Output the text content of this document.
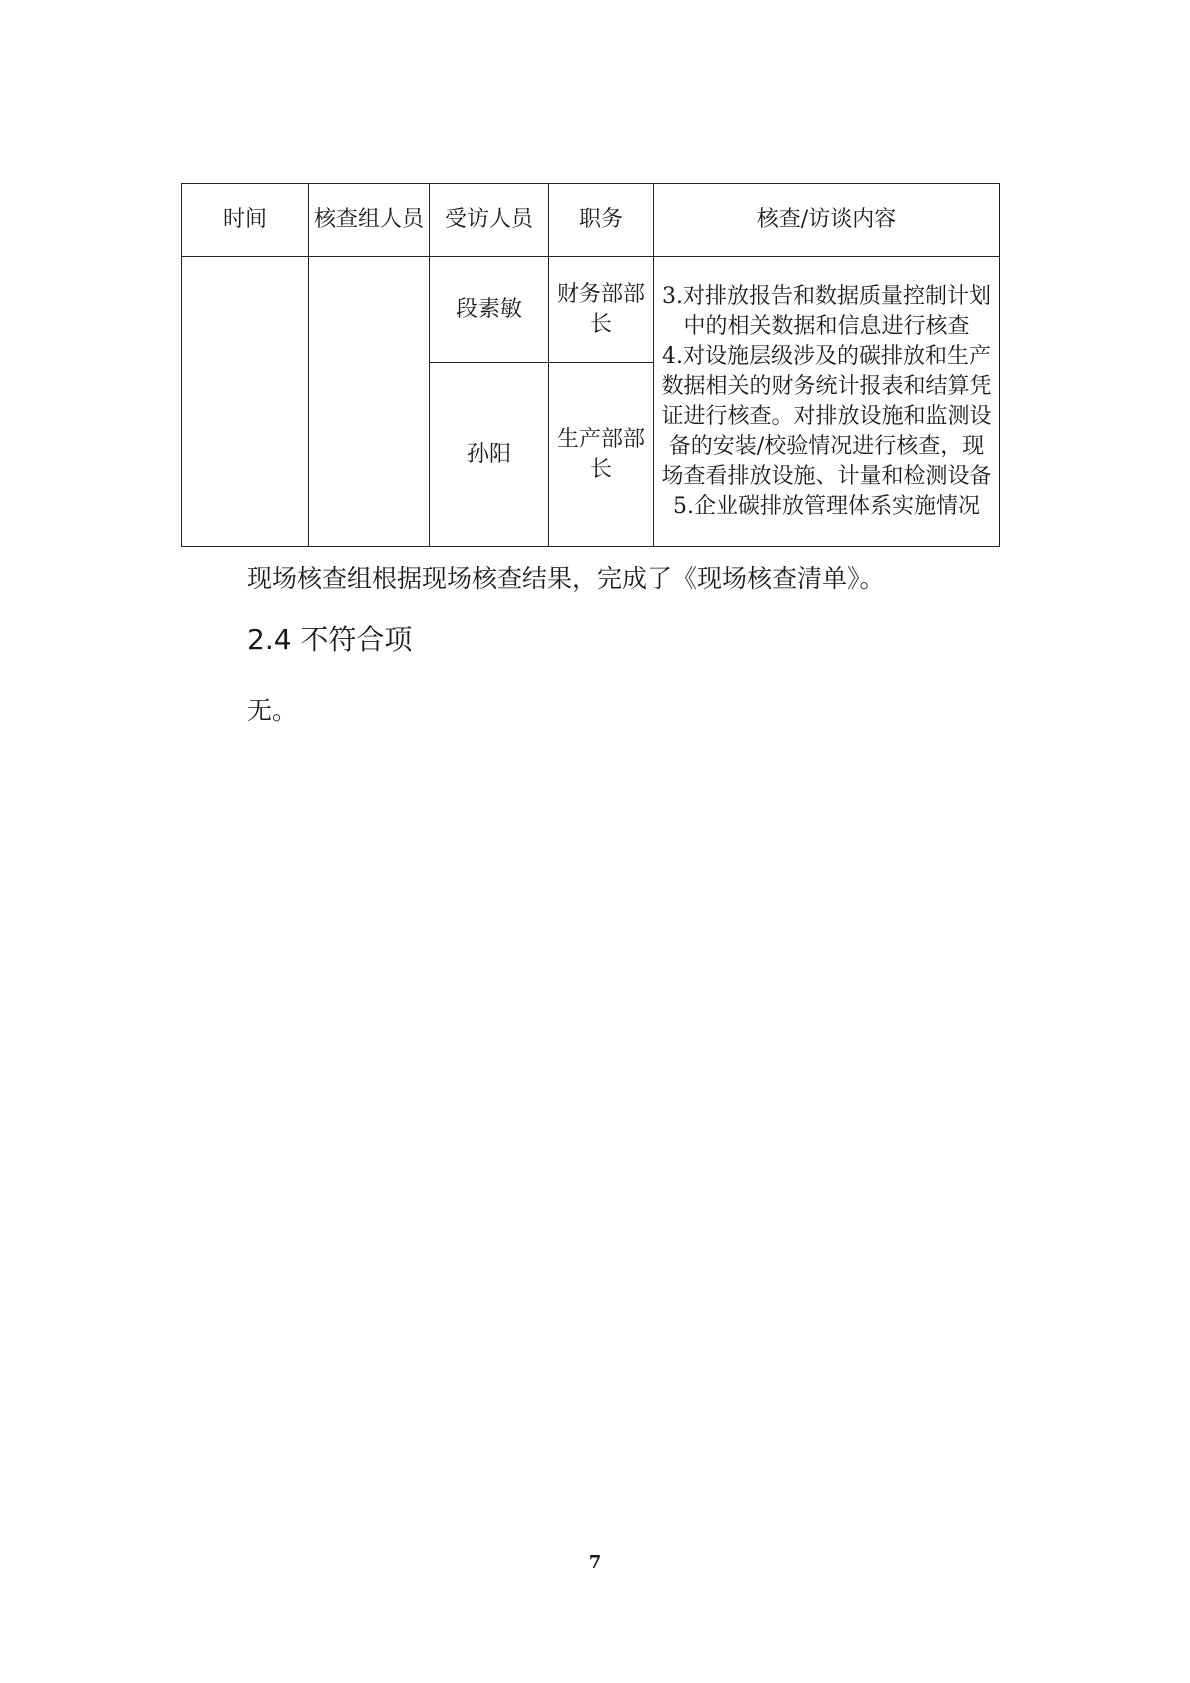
时间	核查组人员	受访人员	职务	核查/访谈内容
		段素敏	财务部部长	3.对排放报告和数据质量控制计划中的相关数据和信息进行核查
4.对设施层级涉及的碳排放和生产数据相关的财务统计报表和结算凭证进行核查。对排放设施和监测设备的安装/校验情况进行核查，现场查看排放设施、计量和检测设备
5.企业碳排放管理体系实施情况

		孙阳	生产部部长	
现场核查组根据现场核查结果，完成了《现场核查清单》。
2.4 不符合项
无。
7
